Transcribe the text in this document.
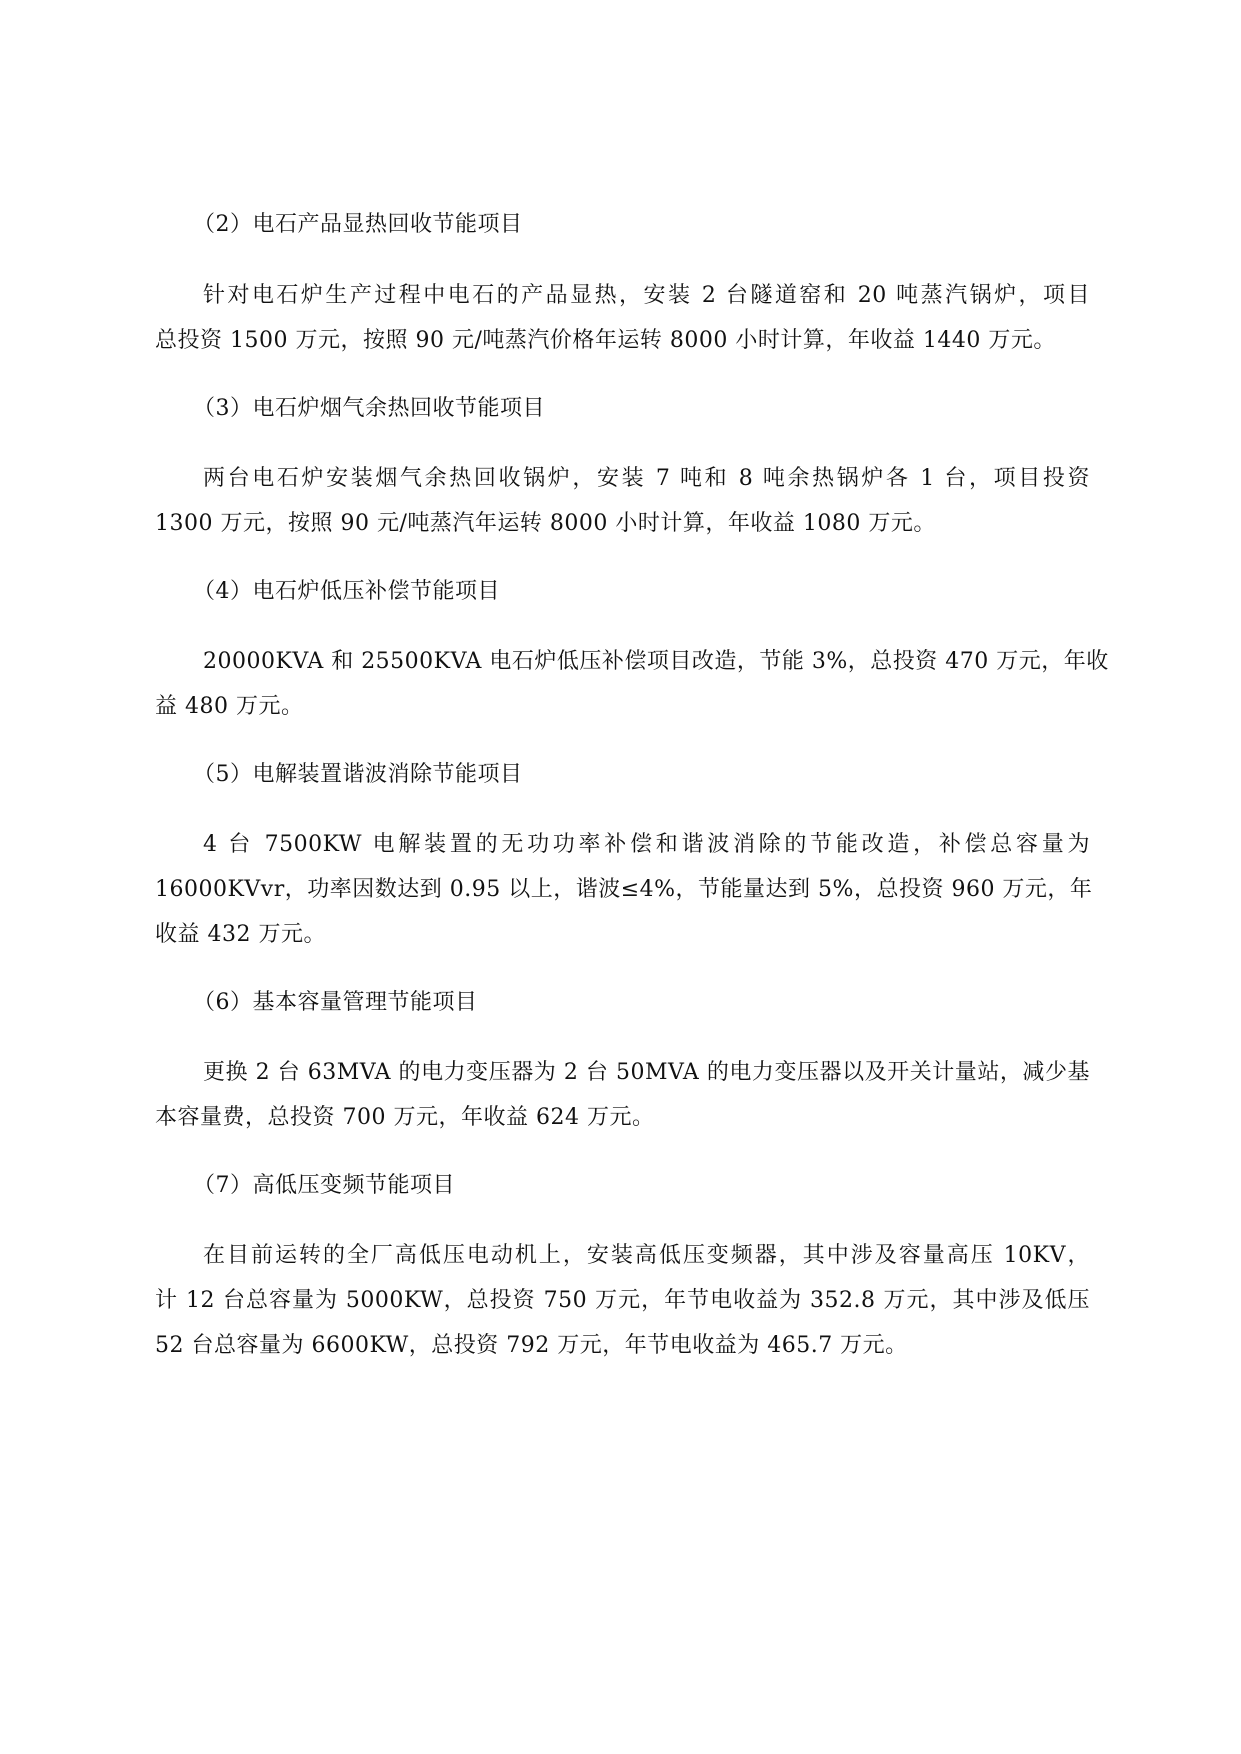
（2）电石产品显热回收节能项目
针对电石炉生产过程中电石的产品显热，安装 2 台隧道窑和 20 吨蒸汽锅炉，项目
总投资 1500 万元，按照 90 元/吨蒸汽价格年运转 8000 小时计算，年收益 1440 万元。
（3）电石炉烟气余热回收节能项目
两台电石炉安装烟气余热回收锅炉，安装 7 吨和 8 吨余热锅炉各 1 台，项目投资
1300 万元，按照 90 元/吨蒸汽年运转 8000 小时计算，年收益 1080 万元。
（4）电石炉低压补偿节能项目
20000KVA 和 25500KVA 电石炉低压补偿项目改造，节能 3%，总投资 470 万元，年收
益 480 万元。
（5）电解装置谐波消除节能项目
4 台 7500KW 电解装置的无功功率补偿和谐波消除的节能改造，补偿总容量为
16000KVvr，功率因数达到 0.95 以上，谐波≤4%，节能量达到 5%，总投资 960 万元，年
收益 432 万元。
（6）基本容量管理节能项目
更换 2 台 63MVA 的电力变压器为 2 台 50MVA 的电力变压器以及开关计量站，减少基
本容量费，总投资 700 万元，年收益 624 万元。
（7）高低压变频节能项目
在目前运转的全厂高低压电动机上，安装高低压变频器，其中涉及容量高压 10KV，
计 12 台总容量为 5000KW，总投资 750 万元，年节电收益为 352.8 万元，其中涉及低压
52 台总容量为 6600KW，总投资 792 万元，年节电收益为 465.7 万元。
